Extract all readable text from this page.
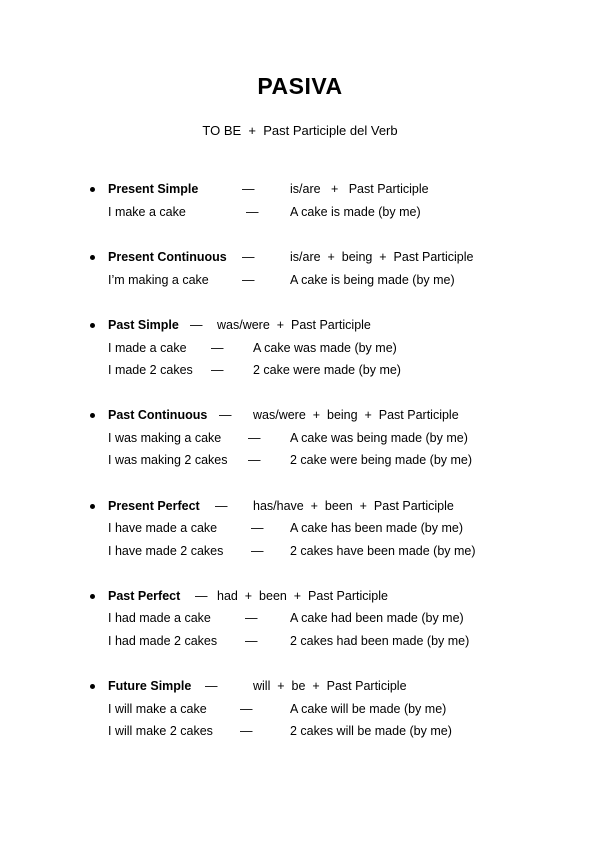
PASIVA
TO BE  +  Past Participle del Verb
Present Simple	—	is/are   +   Past Participle
I make a cake	—	A cake is made (by me)
Present Continuous —	is/are  +  being  +  Past Participle
I’m making a cake	—	A cake is being made (by me)
Past Simple — was/were  +  Past Participle
I made a cake — A cake was made (by me)
I made 2 cakes — 2 cake were made (by me)
Past Continuous — was/were  +  being  +  Past Participle
I was making a cake — A cake was being made (by me)
I was making 2 cakes — 2 cake were being made (by me)
Present Perfect — has/have  +  been  +  Past Participle
I have made a cake	— A cake has been made (by me)
I have made 2 cakes — 2 cakes have been made (by me)
Past Perfect — had  +  been  +  Past Participle
I had made a cake	—	A cake had been made (by me)
I had made 2 cakes —	2 cakes had been made (by me)
Future Simple —	will  +  be  +  Past Participle
I will make a cake	—	A cake will be made (by me)
I will make 2 cakes —	2 cakes will be made (by me)
